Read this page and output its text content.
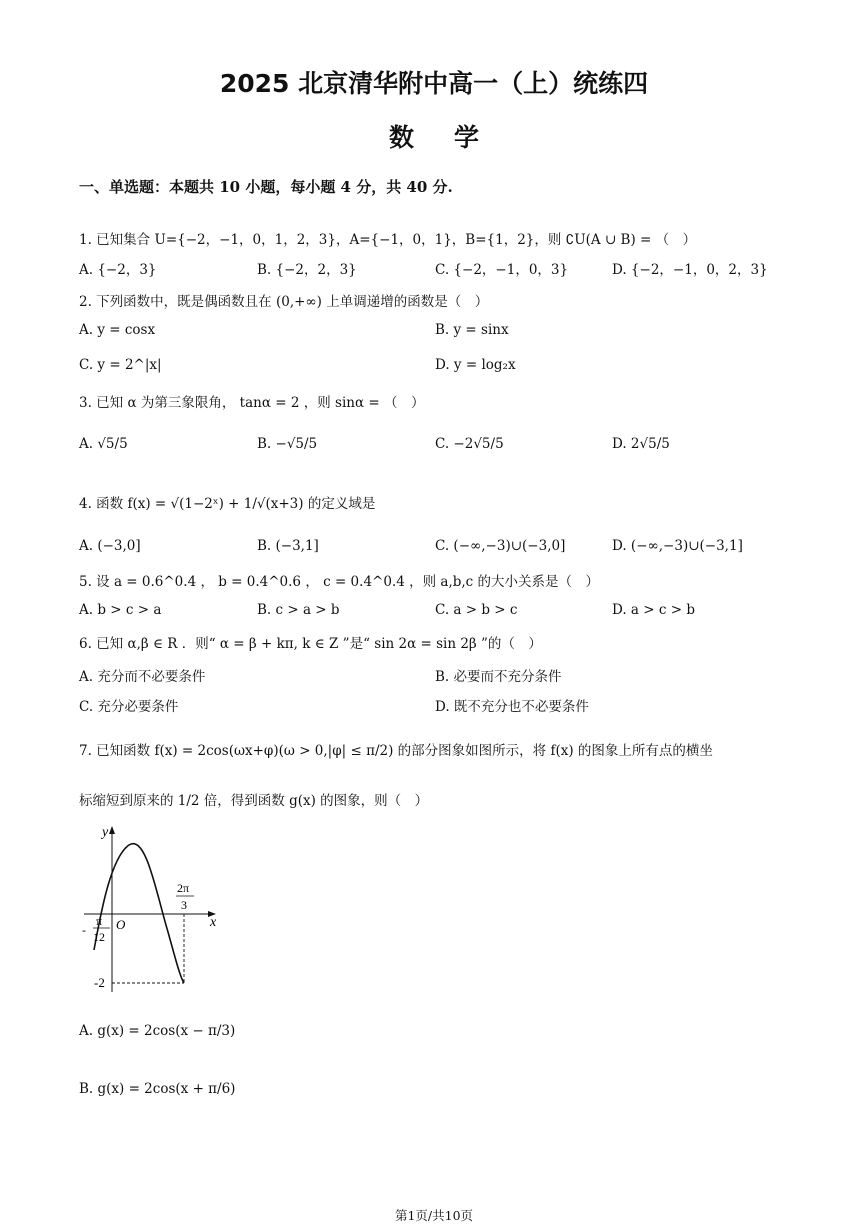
2025 北京清华附中高一（上）统练四
数学
一、单选题：本题共 10 小题，每小题 4 分，共 40 分.
1. 已知集合 U={−2，−1，0，1，2，3}，A={−1，0，1}，B={1，2}，则 ∁U(A ∪ B) = （　）
A. {−2，3}	B. {−2，2，3}	C. {−2，−1，0，3}	D. {−2，−1，0，2，3}
2. 下列函数中，既是偶函数且在 (0,+∞) 上单调递增的函数是（　）
A. y = cosx	B. y = sinx
C. y = 2^|x|	D. y = log₂x
3. 已知 α 为第三象限角， tanα = 2 ，则 sinα = （　）
A. √5/5	B. −√5/5	C. −2√5/5	D. 2√5/5
4. 函数 f(x) = √(1−2ˣ) + 1/√(x+3) 的定义域是
A. (−3,0]	B. (−3,1]	C. (−∞,−3)∪(−3,0]	D. (−∞,−3)∪(−3,1]
5. 设 a = 0.6^0.4 ， b = 0.4^0.6 ， c = 0.4^0.4 ，则 a,b,c 的大小关系是（　）
A. b > c > a	B. c > a > b	C. a > b > c	D. a > c > b
6. 已知 α,β ∈ R ．则“ α = β + kπ, k ∈ Z ”是“ sin 2α = sin 2β ”的（　）
A. 充分而不必要条件	B. 必要而不充分条件
C. 充分必要条件	D. 既不充分也不必要条件
7. 已知函数 f(x) = 2cos(ωx+φ)(ω > 0,|φ| ≤ π/2) 的部分图象如图所示，将 f(x) 的图象上所有点的横坐
标缩短到原来的 1/2 倍，得到函数 g(x) 的图象，则（　）
y
x
O
-
π
12
2π
3
-2
A. g(x) = 2cos(x − π/3)
B. g(x) = 2cos(x + π/6)
第1页/共10页
